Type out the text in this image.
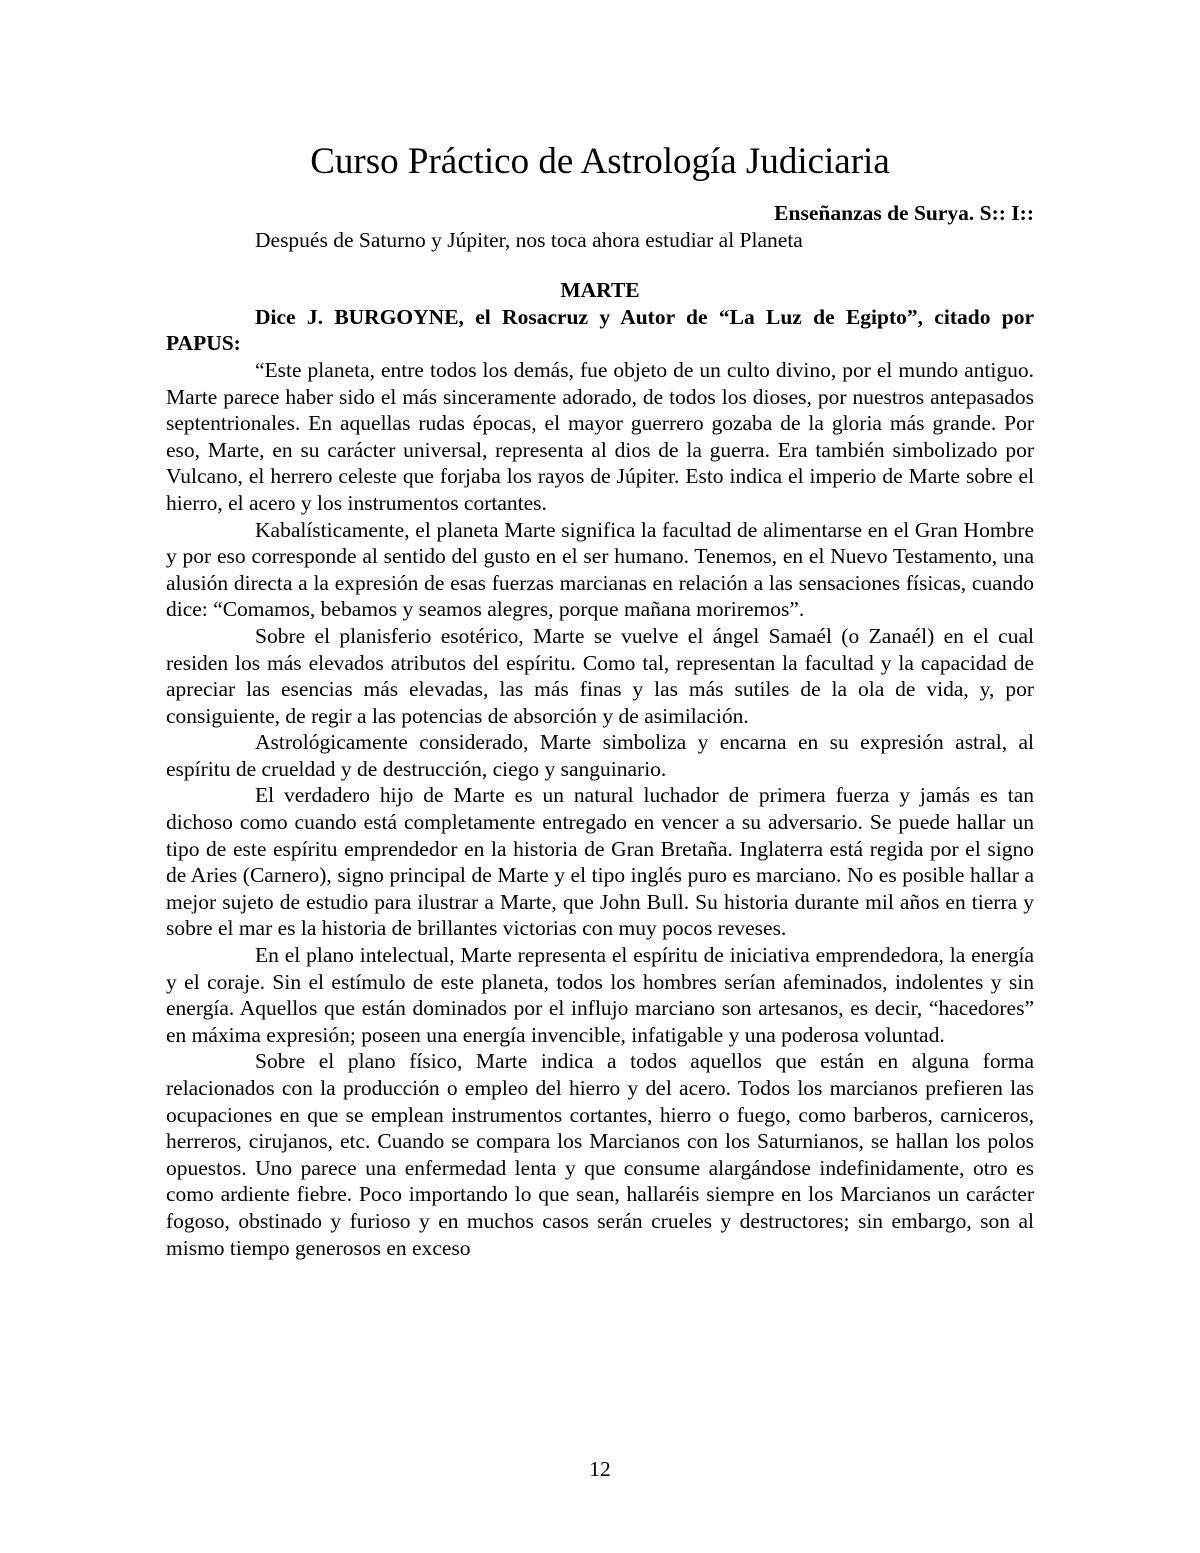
Curso Práctico de Astrología Judiciaria

Enseñanzas de Surya. S:: I::

Después de Saturno y Júpiter, nos toca ahora estudiar al Planeta

MARTE

Dice J. BURGOYNE, el Rosacruz y Autor de “La Luz de Egipto”, citado por PAPUS:

“Este planeta, entre todos los demás, fue objeto de un culto divino, por el mundo antiguo. Marte parece haber sido el más sinceramente adorado, de todos los dioses, por nuestros antepasados septentrionales. En aquellas rudas épocas, el mayor guerrero gozaba de la gloria más grande. Por eso, Marte, en su carácter universal, representa al dios de la guerra. Era también simbolizado por Vulcano, el herrero celeste que forjaba los rayos de Júpiter. Esto indica el imperio de Marte sobre el hierro, el acero y los instrumentos cortantes.

Kabalísticamente, el planeta Marte significa la facultad de alimentarse en el Gran Hombre y por eso corresponde al sentido del gusto en el ser humano. Tenemos, en el Nuevo Testamento, una alusión directa a la expresión de esas fuerzas marcianas en relación a las sensaciones físicas, cuando dice: “Comamos, bebamos y seamos alegres, porque mañana moriremos”.

Sobre el planisferio esotérico, Marte se vuelve el ángel Samaél (o Zanaél) en el cual residen los más elevados atributos del espíritu. Como tal, representan la facultad y la capacidad de apreciar las esencias más elevadas, las más finas y las más sutiles de la ola de vida, y, por consiguiente, de regir a las potencias de absorción y de asimilación.

Astrológicamente considerado, Marte simboliza y encarna en su expresión astral, al espíritu de crueldad y de destrucción, ciego y sanguinario.

El verdadero hijo de Marte es un natural luchador de primera fuerza y jamás es tan dichoso como cuando está completamente entregado en vencer a su adversario. Se puede hallar un tipo de este espíritu emprendedor en la historia de Gran Bretaña. Inglaterra está regida por el signo de Aries (Carnero), signo principal de Marte y el tipo inglés puro es marciano. No es posible hallar a mejor sujeto de estudio para ilustrar a Marte, que John Bull. Su historia durante mil años en tierra y sobre el mar es la historia de brillantes victorias con muy pocos reveses.

En el plano intelectual, Marte representa el espíritu de iniciativa emprendedora, la energía y el coraje. Sin el estímulo de este planeta, todos los hombres serían afeminados, indolentes y sin energía. Aquellos que están dominados por el influjo marciano son artesanos, es decir, “hacedores” en máxima expresión; poseen una energía invencible, infatigable y una poderosa voluntad.

Sobre el plano físico, Marte indica a todos aquellos que están en alguna forma relacionados con la producción o empleo del hierro y del acero. Todos los marcianos prefieren las ocupaciones en que se emplean instrumentos cortantes, hierro o fuego, como barberos, carniceros, herreros, cirujanos, etc. Cuando se compara los Marcianos con los Saturnianos, se hallan los polos opuestos. Uno parece una enfermedad lenta y que consume alargándose indefinidamente, otro es como ardiente fiebre. Poco importando lo que sean, hallaréis siempre en los Marcianos un carácter fogoso, obstinado y furioso y en muchos casos serán crueles y destructores; sin embargo, son al mismo tiempo generosos en exceso

12
